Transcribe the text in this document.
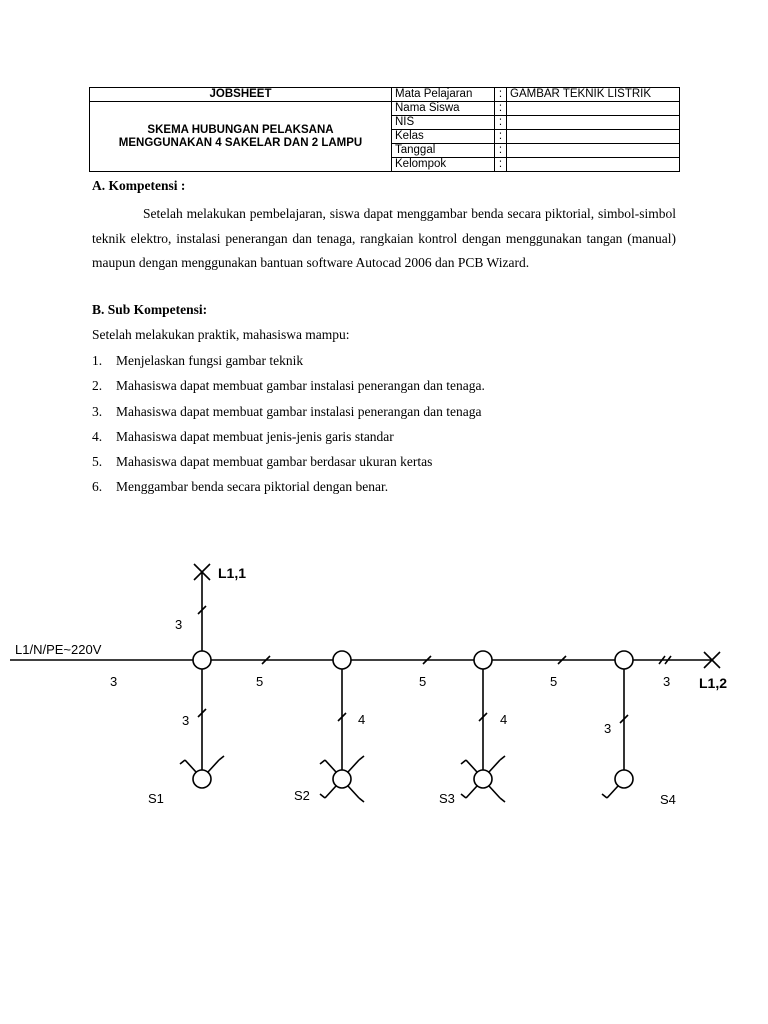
JOBSHEET	Mata Pelajaran	:	GAMBAR TEKNIK LISTRIK

SKEMA HUBUNGAN PELAKSANA
MENGGUNAKAN 4 SAKELAR DAN 2 LAMPU	Nama Siswa	:	
	NIS	:	
	Kelas	:	
	Tanggal	:	
	Kelompok	:	
A. Kompetensi :
Setelah melakukan pembelajaran, siswa dapat menggambar benda secara piktorial, simbol-simbol teknik elektro, instalasi penerangan dan tenaga, rangkaian kontrol dengan menggunakan tangan (manual) maupun dengan menggunakan bantuan software Autocad 2006 dan PCB Wizard.
B. Sub Kompetensi:
Setelah melakukan praktik, mahasiswa mampu:
1. Menjelaskan fungsi gambar teknik
2. Mahasiswa dapat membuat gambar instalasi penerangan dan tenaga.
3. Mahasiswa dapat membuat gambar instalasi penerangan dan tenaga
4. Mahasiswa dapat membuat jenis-jenis garis standar
5. Mahasiswa dapat membuat gambar berdasar ukuran kertas
6. Menggambar benda secara piktorial dengan benar.
L1/N/PE~220V
L1,1
L1,2
3
3	5	5	5	3
3	4	4
3
S1	S2	S3	S4
